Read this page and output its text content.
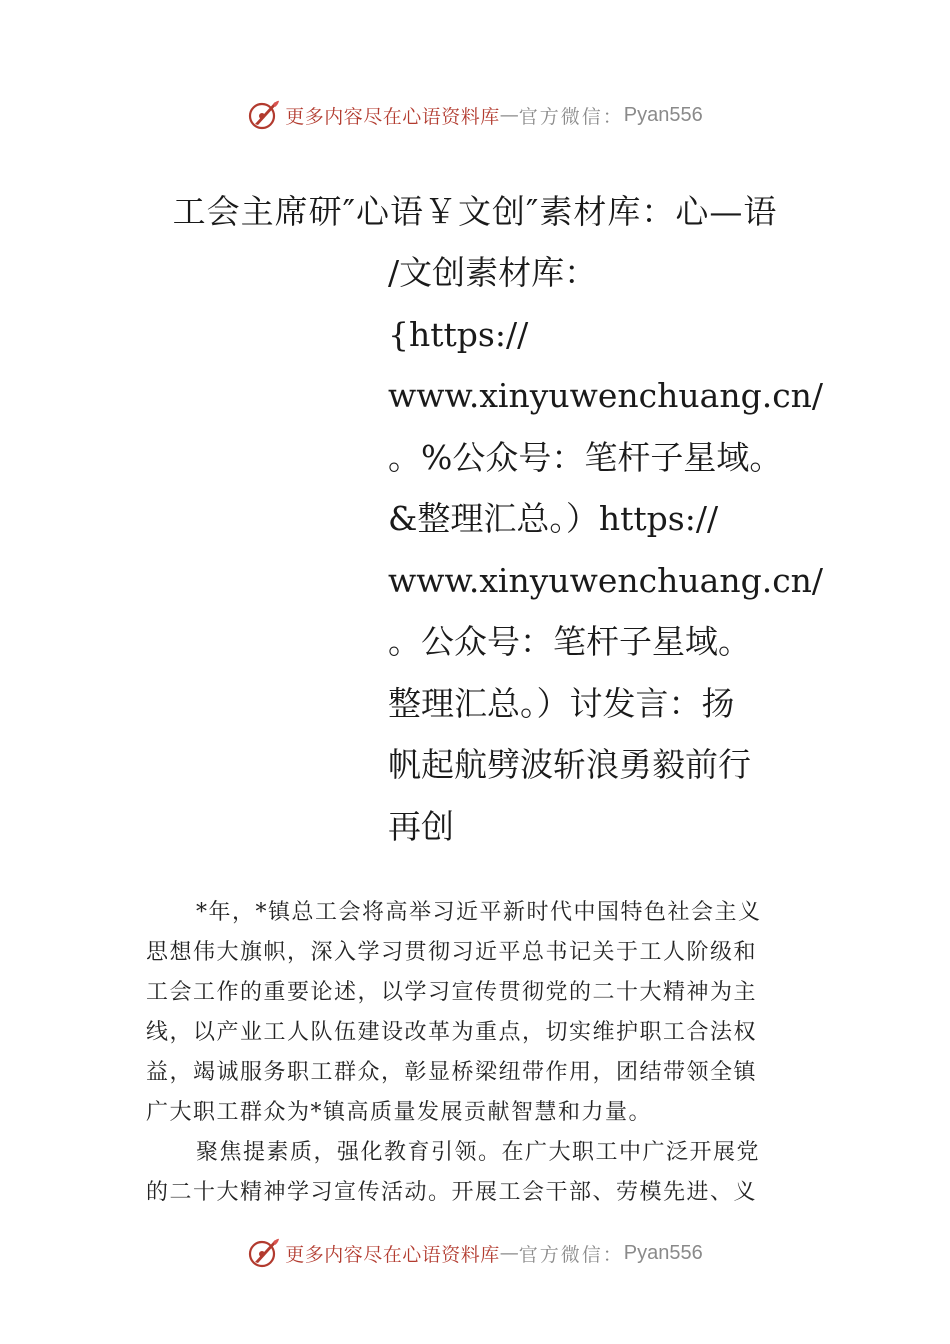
更多内容尽在心语资料库 — 官方微信： Pyan556
工会主席研″心语￥文创″素材库：心—语
/文创素材库：
{https://
www.xinyuwenchuang.cn/
。%公众号：笔杆子星域。
&整理汇总。）https://
www.xinyuwenchuang.cn/
。公众号：笔杆子星域。
整理汇总。）讨发言：扬
帆起航劈波斩浪勇毅前行
再创
*年，*镇总工会将高举习近平新时代中国特色社会主义
思想伟大旗帜，深入学习贯彻习近平总书记关于工人阶级和
工会工作的重要论述，以学习宣传贯彻党的二十大精神为主
线，以产业工人队伍建设改革为重点，切实维护职工合法权
益，竭诚服务职工群众，彰显桥梁纽带作用，团结带领全镇
广大职工群众为*镇高质量发展贡献智慧和力量。
聚焦提素质，强化教育引领。在广大职工中广泛开展党
的二十大精神学习宣传活动。开展工会干部、劳模先进、义
更多内容尽在心语资料库 — 官方微信： Pyan556
